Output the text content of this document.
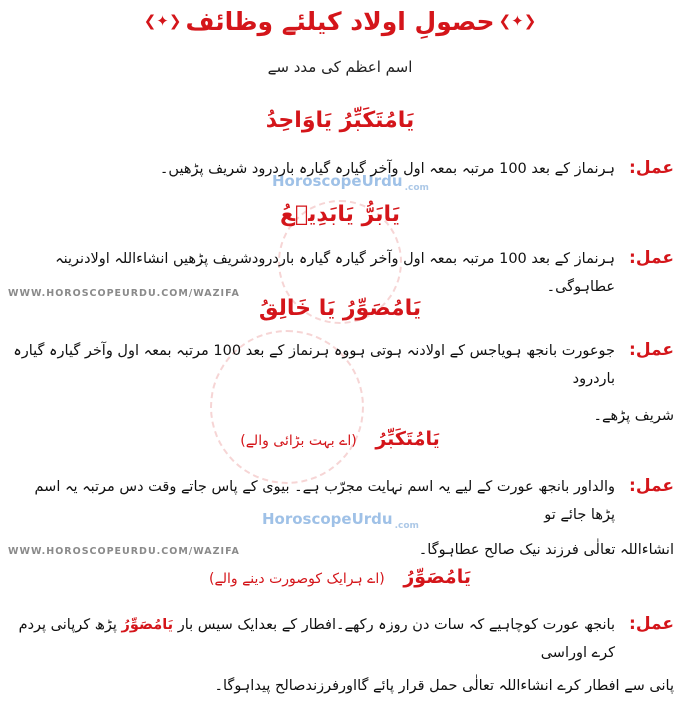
HoroscopeUrdu $_{.com}$
HoroscopeUrdu $_{.com}$
❮✦❯ حصولِ اولاد کیلئے وظائف ❮✦❯
اسم اعظم کی مدد سے
یَامُتَکَبِّرُ یَاوَاحِدُ
عمل:
ہرنماز کے بعد 100 مرتبہ بمعہ اول وآخر گیارہ گیارہ باردرود شریف پڑھیں۔
یَابَرُّ یَابَدِیۡعُ
عمل:
ہرنماز کے بعد 100 مرتبہ بمعہ اول وآخر گیارہ گیارہ باردرودشریف پڑھیں انشاءاللہ اولادنرینہ عطاہوگی۔
WWW.HOROSCOPEURDU.COM/WAZIFA
یَامُصَوِّرُ یَا خَالِقُ
عمل:
جوعورت بانجھ ہویاجس کے اولادنہ ہوتی ہووہ ہرنماز کے بعد 100 مرتبہ بمعہ اول وآخر گیارہ گیارہ باردرود
شریف پڑھے۔
یَامُتَکَبِّرُ (اے بہت بڑائی والے)
عمل:
والداور بانجھ عورت کے لیے یہ اسم نہایت مجرّب ہے۔ بیوی کے پاس جاتے وقت دس مرتبہ یہ اسم پڑھا جائے تو
انشاءاللہ تعالٰی فرزند نیک صالح عطاہوگا۔
WWW.HOROSCOPEURDU.COM/WAZIFA
یَامُصَوِّرُ (اے ہرایک کوصورت دینے والے)
عمل:
بانجھ عورت کوچاہیے کہ سات دن روزہ رکھے۔افطار کے بعدایک سیس بار یَامُصَوِّرُ پڑھ کرپانی پردم کرے اوراسی
پانی سے افطار کرے انشاءاللہ تعالٰی حمل قرار پائے گااورفرزندصالح پیداہوگا۔
